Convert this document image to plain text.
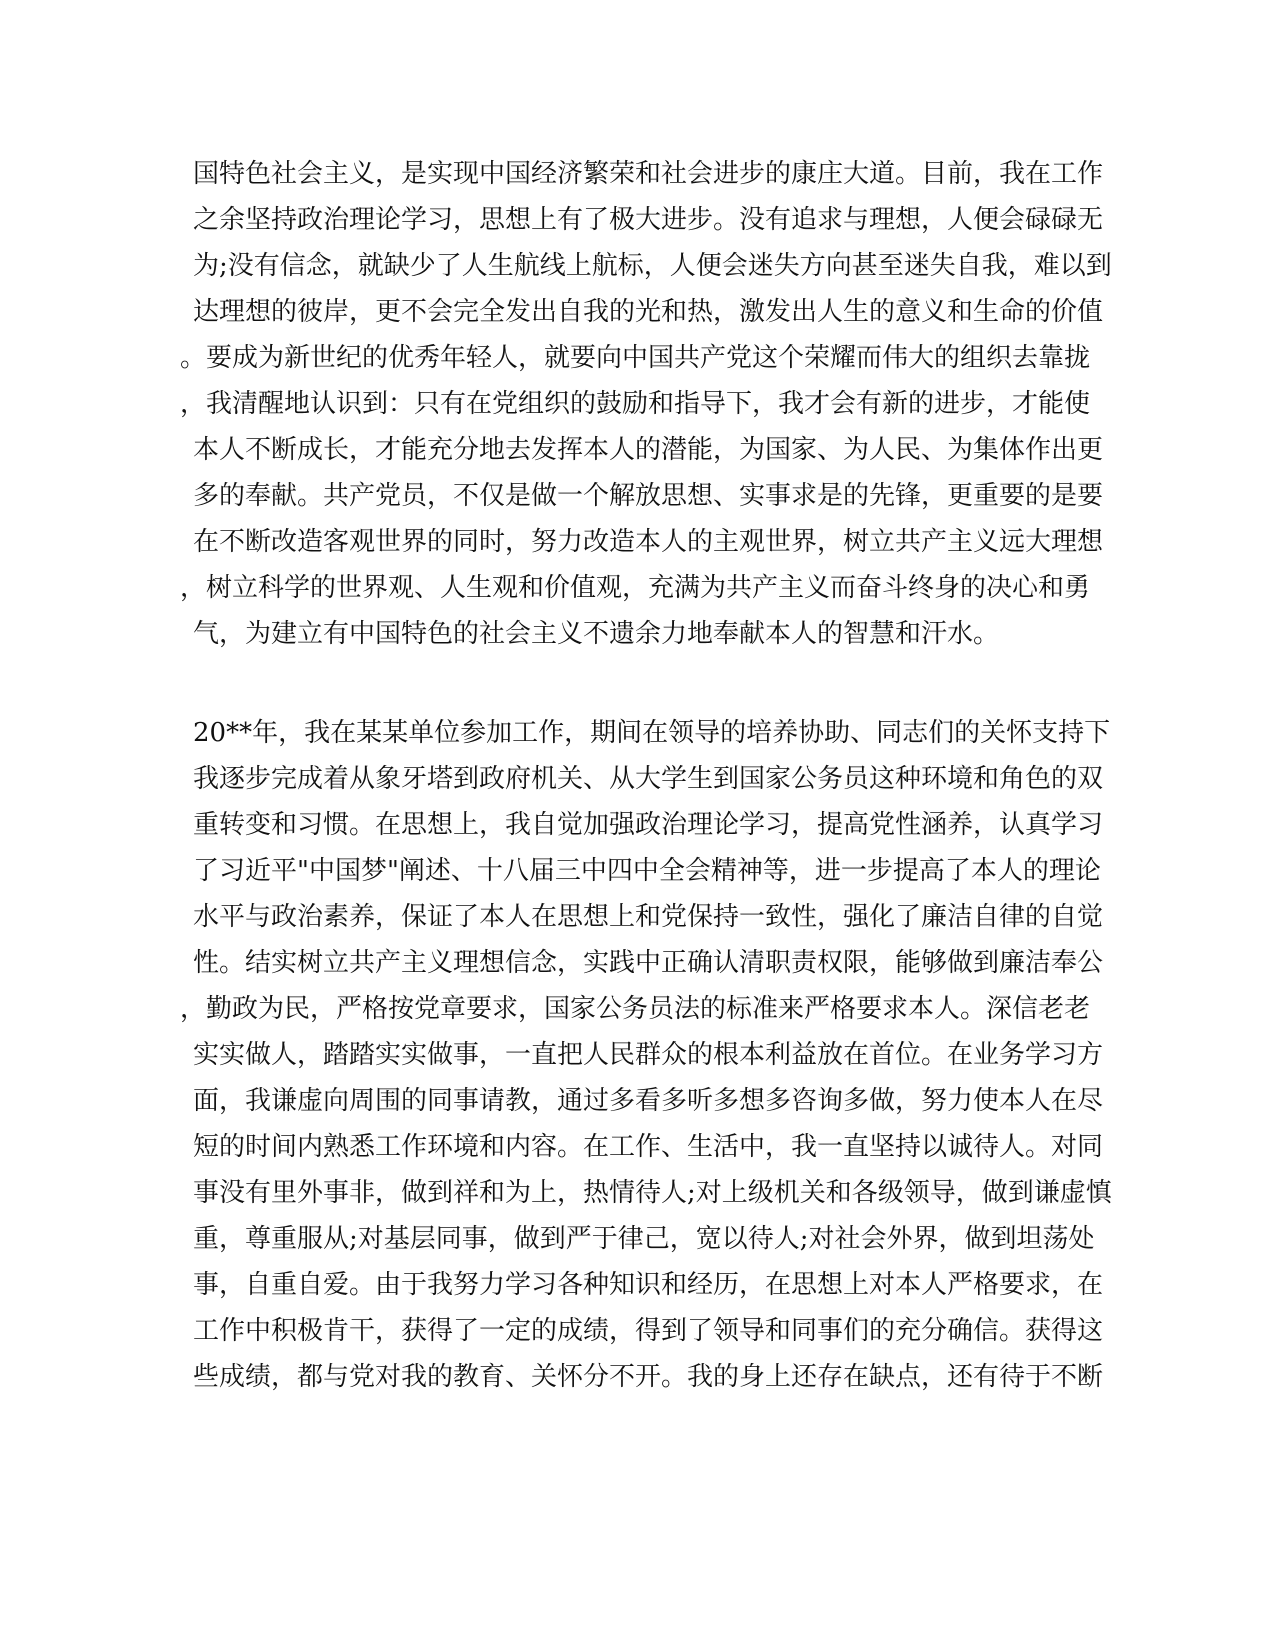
国特色社会主义，是实现中国经济繁荣和社会进步的康庄大道。目前，我在工作
之余坚持政治理论学习，思想上有了极大进步。没有追求与理想，人便会碌碌无
为;没有信念，就缺少了人生航线上航标，人便会迷失方向甚至迷失自我，难以到
达理想的彼岸，更不会完全发出自我的光和热，激发出人生的意义和生命的价值
。要成为新世纪的优秀年轻人，就要向中国共产党这个荣耀而伟大的组织去靠拢
，我清醒地认识到：只有在党组织的鼓励和指导下，我才会有新的进步，才能使
本人不断成长，才能充分地去发挥本人的潜能，为国家、为人民、为集体作出更
多的奉献。共产党员，不仅是做一个解放思想、实事求是的先锋，更重要的是要
在不断改造客观世界的同时，努力改造本人的主观世界，树立共产主义远大理想
，树立科学的世界观、人生观和价值观，充满为共产主义而奋斗终身的决心和勇
气，为建立有中国特色的社会主义不遗余力地奉献本人的智慧和汗水。
20**年，我在某某单位参加工作，期间在领导的培养协助、同志们的关怀支持下
我逐步完成着从象牙塔到政府机关、从大学生到国家公务员这种环境和角色的双
重转变和习惯。在思想上，我自觉加强政治理论学习，提高党性涵养，认真学习
了习近平"中国梦"阐述、十八届三中四中全会精神等，进一步提高了本人的理论
水平与政治素养，保证了本人在思想上和党保持一致性，强化了廉洁自律的自觉
性。结实树立共产主义理想信念，实践中正确认清职责权限，能够做到廉洁奉公
，勤政为民，严格按党章要求，国家公务员法的标准来严格要求本人。深信老老
实实做人，踏踏实实做事，一直把人民群众的根本利益放在首位。在业务学习方
面，我谦虚向周围的同事请教，通过多看多听多想多咨询多做，努力使本人在尽
短的时间内熟悉工作环境和内容。在工作、生活中，我一直坚持以诚待人。对同
事没有里外事非，做到祥和为上，热情待人;对上级机关和各级领导，做到谦虚慎
重，尊重服从;对基层同事，做到严于律己，宽以待人;对社会外界，做到坦荡处
事，自重自爱。由于我努力学习各种知识和经历，在思想上对本人严格要求，在
工作中积极肯干，获得了一定的成绩，得到了领导和同事们的充分确信。获得这
些成绩，都与党对我的教育、关怀分不开。我的身上还存在缺点，还有待于不断
